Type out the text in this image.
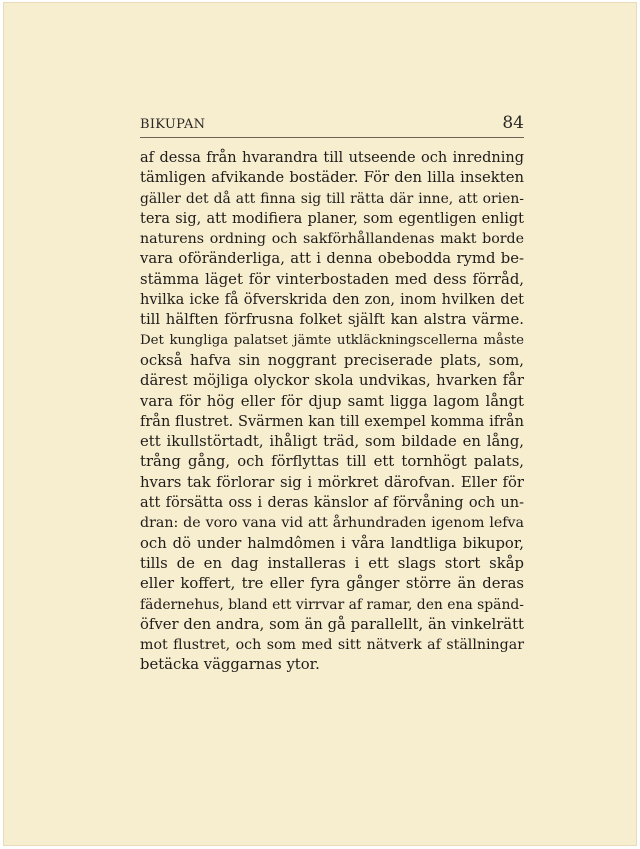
BIKUPAN	84
af dessa från hvarandra till utseende och inredning
tämligen afvikande bostäder. För den lilla insekten
gäller det då att finna sig till rätta där inne, att orien-
tera sig, att modifiera planer, som egentligen enligt
naturens ordning och sakförhållandenas makt borde
vara oföränderliga, att i denna obebodda rymd be-
stämma läget för vinterbostaden med dess förråd,
hvilka icke få öfverskrida den zon, inom hvilken det
till hälften förfrusna folket själft kan alstra värme.
Det kungliga palatset jämte utkläckningscellerna måste
också hafva sin noggrant preciserade plats, som,
därest möjliga olyckor skola undvikas, hvarken får
vara för hög eller för djup samt ligga lagom långt
från flustret. Svärmen kan till exempel komma ifrån
ett ikullstörtadt, ihåligt träd, som bildade en lång,
trång gång, och förflyttas till ett tornhögt palats,
hvars tak förlorar sig i mörkret därofvan. Eller för
att försätta oss i deras känslor af förvåning och un-
dran: de voro vana vid att århundraden igenom lefva
och dö under halmdômen i våra landtliga bikupor,
tills de en dag installeras i ett slags stort skåp
eller koffert, tre eller fyra gånger större än deras
fädernehus, bland ett virrvar af ramar, den ena spänd-
öfver den andra, som än gå parallellt, än vinkelrätt
mot flustret, och som med sitt nätverk af ställningar
betäcka väggarnas ytor.
